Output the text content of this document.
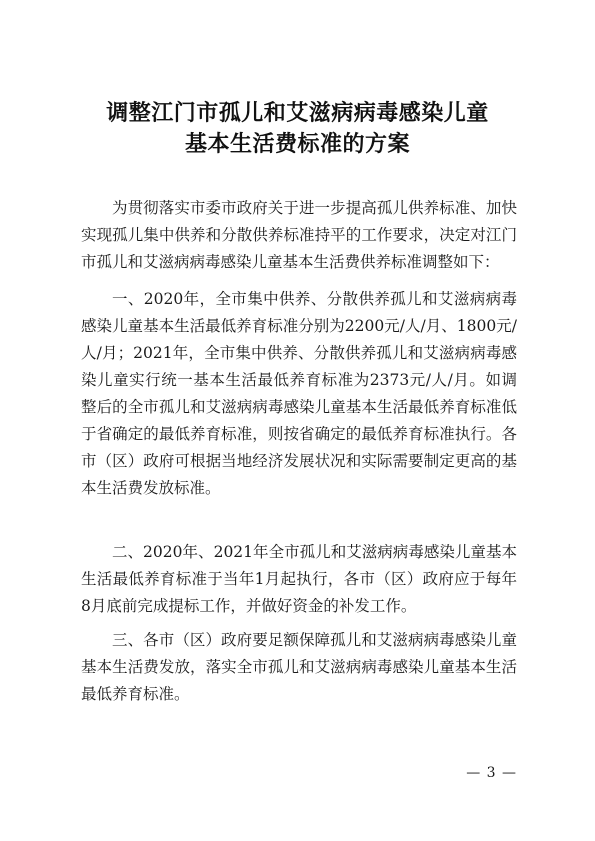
调整江门市孤儿和艾滋病病毒感染儿童
基本生活费标准的方案

为贯彻落实市委市政府关于进一步提高孤儿供养标准、加快实现孤儿集中供养和分散供养标准持平的工作要求，决定对江门市孤儿和艾滋病病毒感染儿童基本生活费供养标准调整如下：

一、2020年，全市集中供养、分散供养孤儿和艾滋病病毒感染儿童基本生活最低养育标准分别为2200元/人/月、1800元/人/月；2021年，全市集中供养、分散供养孤儿和艾滋病病毒感染儿童实行统一基本生活最低养育标准为2373元/人/月。如调整后的全市孤儿和艾滋病病毒感染儿童基本生活最低养育标准低于省确定的最低养育标准，则按省确定的最低养育标准执行。各市（区）政府可根据当地经济发展状况和实际需要制定更高的基本生活费发放标准。

二、2020年、2021年全市孤儿和艾滋病病毒感染儿童基本生活最低养育标准于当年1月起执行，各市（区）政府应于每年8月底前完成提标工作，并做好资金的补发工作。

三、各市（区）政府要足额保障孤儿和艾滋病病毒感染儿童基本生活费发放，落实全市孤儿和艾滋病病毒感染儿童基本生活最低养育标准。

— 3 —
